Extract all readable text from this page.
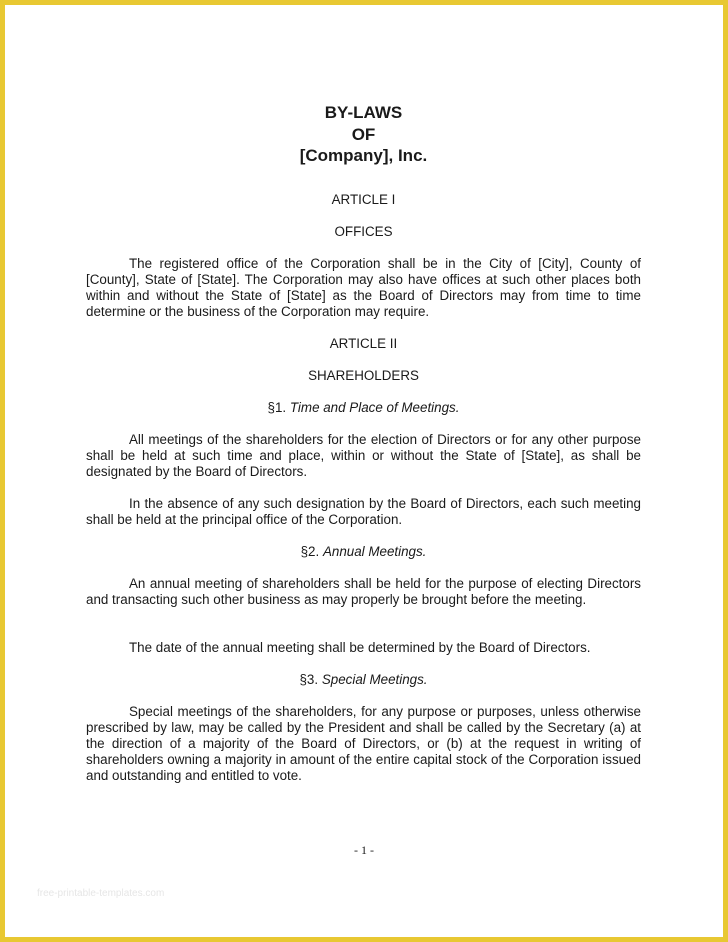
BY-LAWS
OF
[Company], Inc.
ARTICLE I
OFFICES
The registered office of the Corporation shall be in the City of [City], County of [County], State of [State]. The Corporation may also have offices at such other places both within and without the State of [State] as the Board of Directors may from time to time determine or the business of the Corporation may require.
ARTICLE II
SHAREHOLDERS
§1. Time and Place of Meetings.
All meetings of the shareholders for the election of Directors or for any other purpose shall be held at such time and place, within or without the State of [State], as shall be designated by the Board of Directors.
In the absence of any such designation by the Board of Directors, each such meeting shall be held at the principal office of the Corporation.
§2. Annual Meetings.
An annual meeting of shareholders shall be held for the purpose of electing Directors and transacting such other business as may properly be brought before the meeting.
The date of the annual meeting shall be determined by the Board of Directors.
§3. Special Meetings.
Special meetings of the shareholders, for any purpose or purposes, unless otherwise prescribed by law, may be called by the President and shall be called by the Secretary (a) at the direction of a majority of the Board of Directors, or (b) at the request in writing of shareholders owning a majority in amount of the entire capital stock of the Corporation issued and outstanding and entitled to vote.
- 1 -
free-printable-templates.com
